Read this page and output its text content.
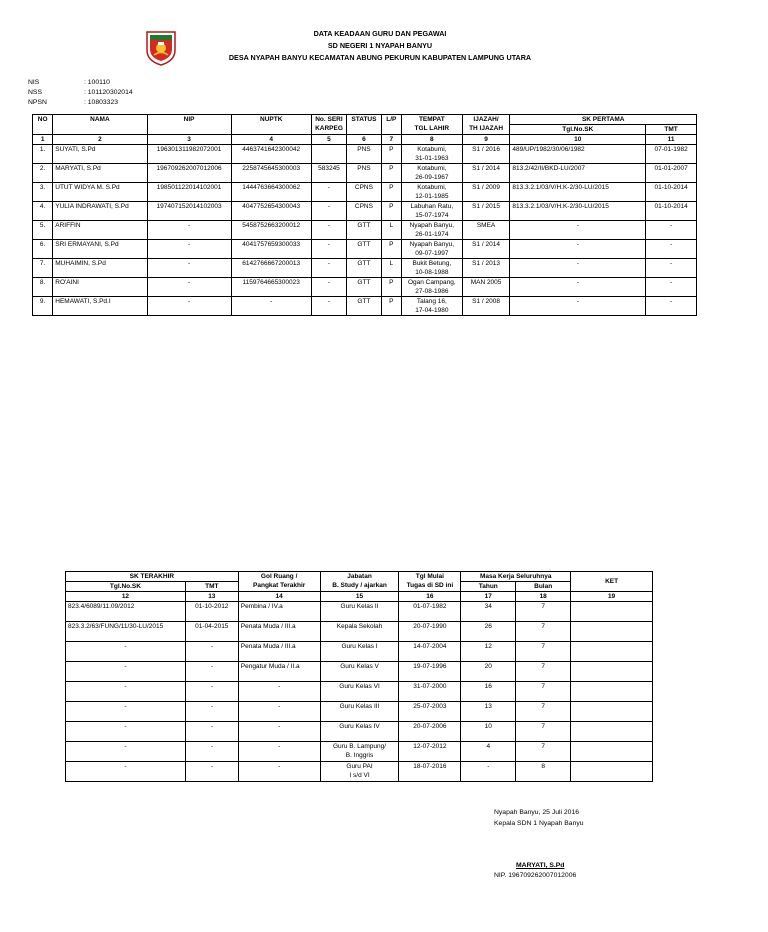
DATA KEADAAN GURU DAN PEGAWAI
SD NEGERI 1 NYAPAH BANYU
DESA NYAPAH BANYU KECAMATAN ABUNG PEKURUN KABUPATEN LAMPUNG UTARA
NIS	: 100110
NSS	: 101120302014
NPSN	: 10803323
NO	NAMA	NIP	NUPTK	No. SERI
KARPEG	STATUS	L/P	TEMPAT
TGL LAHIR	IJAZAH/
TH IJAZAH	SK PERTAMA	
									Tgl.No.SK	TMT
1	2	3	4	5	6	7	8	9	10	11
1.	SUYATI, S.Pd	196301311982072001	4463741642300042		PNS	P	Kotabumi,
31-01-1963	S1 / 2016	489/UP/1982/30/06/1982	07-01-1982
2.	MARYATI, S.Pd	196709262007012006	2258745645300003	583245	PNS	P	Kotabumi,
26-09-1967	S1 / 2014	813.2/42/II/BKD-LU/2007	01-01-2007
3.	UTUT WIDYA M. S.Pd	198501122014102001	1444763664300062	-	CPNS	P	Kotabumi,
12-01-1985	S1 / 2009	813.3.2.1/03/V/H.K-2/30-LU/2015	01-10-2014
4.	YULIA INDRAWATI, S.Pd	197407152014102003	4047752654300043	-	CPNS	P	Labuhan Ratu,
15-07-1974	S1 / 2015	813.3.2.1/03/V/H.K-2/30-LU/2015	01-10-2014
5.	ARIFFIN	-	5458752663200012	-	GTT	L	Nyapah Banyu,
26-01-1974	SMEA	-	-
6.	SRI ERMAYANI, S.Pd	-	4041757659300033	-	GTT	P	Nyapah Banyu,
09-07-1997	S1 / 2014	-	-
7.	MUHAIMIN, S.Pd	-	6142766667200013	-	GTT	L	Bukit Betung,
10-08-1988	S1 / 2013	-	-
8.	RO'AINI	-	1159764665300023	-	GTT	P	Ogan Campang,
27-08-1986	MAN 2005	-	-
9.	HEMAWATI, S.Pd.I	-	-	-	GTT	P	Talang 16,
17-04-1980	S1 / 2008	-	-
SK TERAKHIR		Gol Ruang /
Pangkat Terakhir	Jabatan
B. Study / ajarkan	Tgl Mulai
Tugas di SD ini	Masa Kerja Seluruhnya		KET
Tgl.No.SK	TMT				Tahun	Bulan	
12	13	14	15	16	17	18	19
823.4/6089/11.09/2012	01-10-2012	Pembina / IV.a	Guru Kelas II	01-07-1982	34	7	
823.3.2/63/FUNG/11/30-LU/2015	01-04-2015	Penata Muda / III.a	Kepala Sekolah	20-07-1990	26	7	
-	-	Penata Muda / III.a	Guru Kelas I	14-07-2004	12	7	
-	-	Pengatur Muda / II.a	Guru Kelas V	19-07-1996	20	7	
-	-	-	Guru Kelas VI	31-07-2000	16	7	
-	-	-	Guru Kelas III	25-07-2003	13	7	
-	-	-	Guru Kelas IV	20-07-2006	10	7	
-	-	-	Guru B. Lampung/
B. Inggris	12-07-2012	4	7	
-	-	-	Guru PAI
I s/d VI	18-07-2016	-	8	
Nyapah Banyu, 25 Juli 2016
Kepala SDN 1 Nyapah Banyu
MARYATI, S.Pd
NIP. 196709262007012006
